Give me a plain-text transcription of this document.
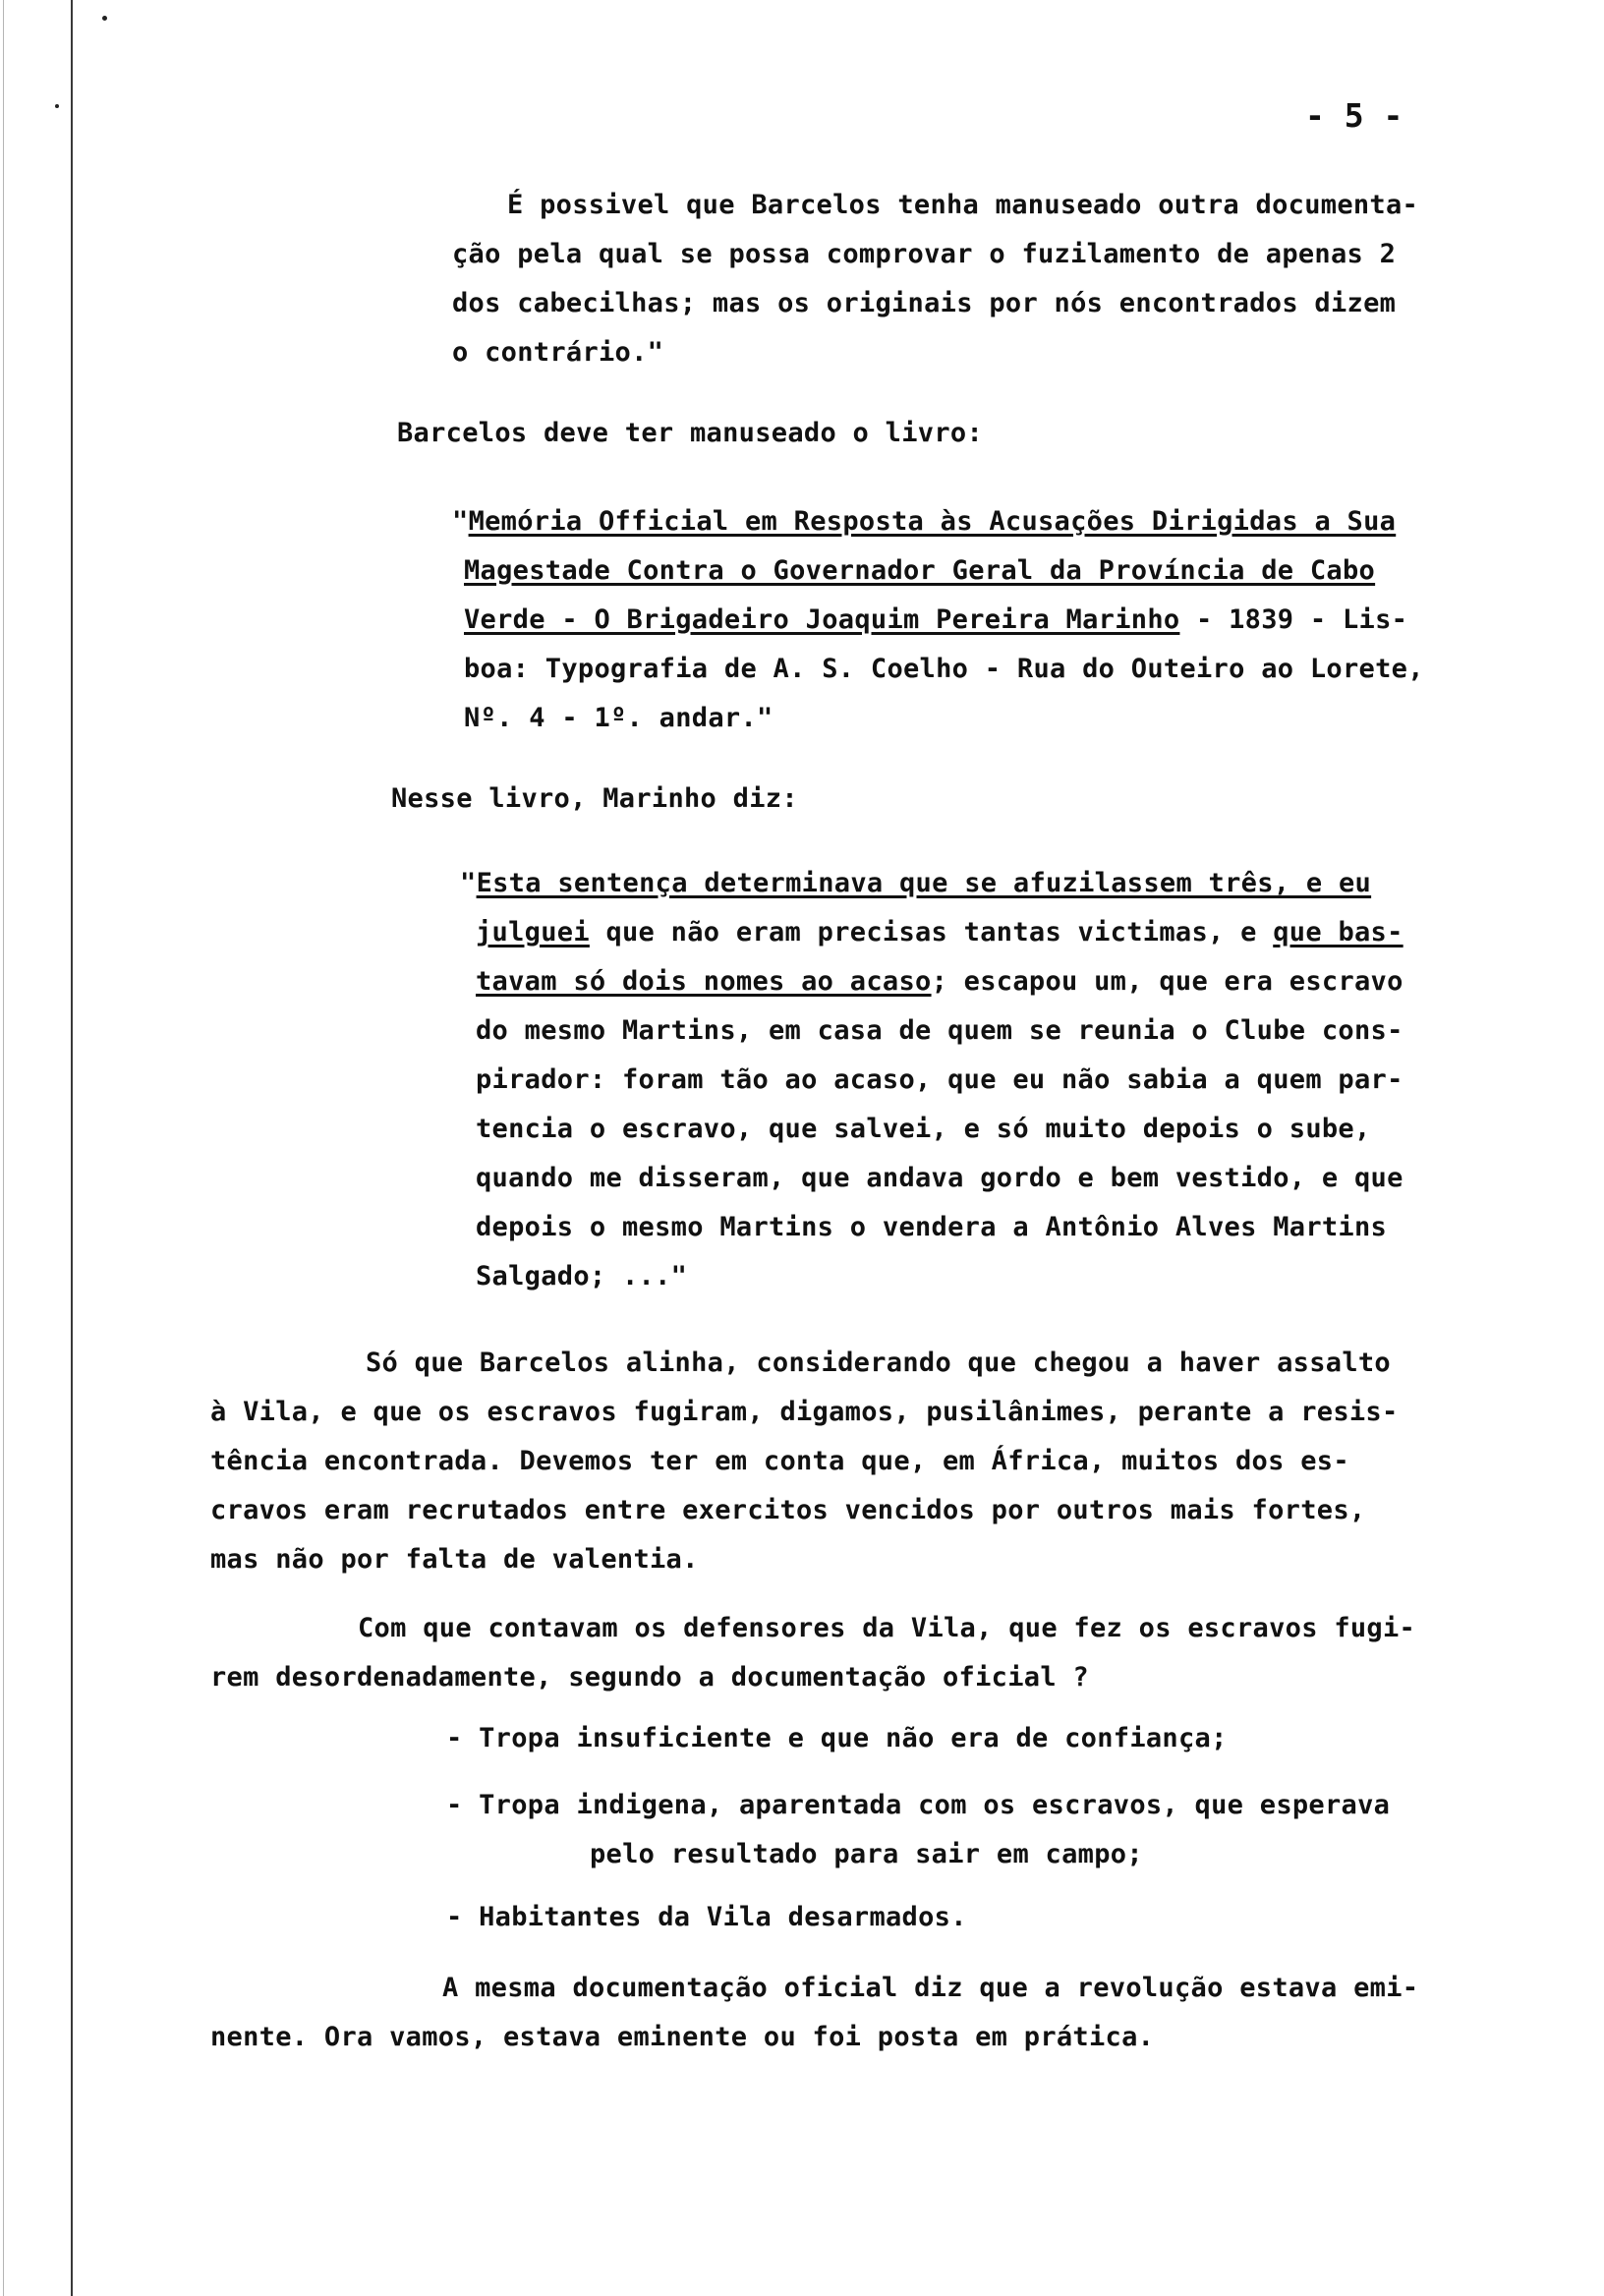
- 5 -
É possivel que Barcelos tenha manuseado outra documenta-
ção pela qual se possa comprovar o fuzilamento de apenas 2
dos cabecilhas; mas os originais por nós encontrados dizem
o contrário."
Barcelos deve ter manuseado o livro:
"Memória Official em Resposta às Acusações Dirigidas a Sua
Magestade Contra o Governador Geral da Província de Cabo
Verde - O Brigadeiro Joaquim Pereira Marinho - 1839 - Lis-
boa: Typografia de A. S. Coelho - Rua do Outeiro ao Lorete,
Nº. 4 - 1º. andar."
Nesse livro, Marinho diz:
"Esta sentença determinava que se afuzilassem três, e eu
julguei que não eram precisas tantas victimas, e que bas-
tavam só dois nomes ao acaso; escapou um, que era escravo
do mesmo Martins, em casa de quem se reunia o Clube cons-
pirador: foram tão ao acaso, que eu não sabia a quem par-
tencia o escravo, que salvei, e só muito depois o sube,
quando me disseram, que andava gordo e bem vestido, e que
depois o mesmo Martins o vendera a Antônio Alves Martins
Salgado; ..."
Só que Barcelos alinha, considerando que chegou a haver assalto
à Vila, e que os escravos fugiram, digamos, pusilânimes, perante a resis-
tência encontrada. Devemos ter em conta que, em África, muitos dos es-
cravos eram recrutados entre exercitos vencidos por outros mais fortes,
mas não por falta de valentia.
Com que contavam os defensores da Vila, que fez os escravos fugi-
rem desordenadamente, segundo a documentação oficial ?
- Tropa insuficiente e que não era de confiança;
- Tropa indigena, aparentada com os escravos, que esperava
pelo resultado para sair em campo;
- Habitantes da Vila desarmados.
A mesma documentação oficial diz que a revolução estava emi-
nente. Ora vamos, estava eminente ou foi posta em prática.
